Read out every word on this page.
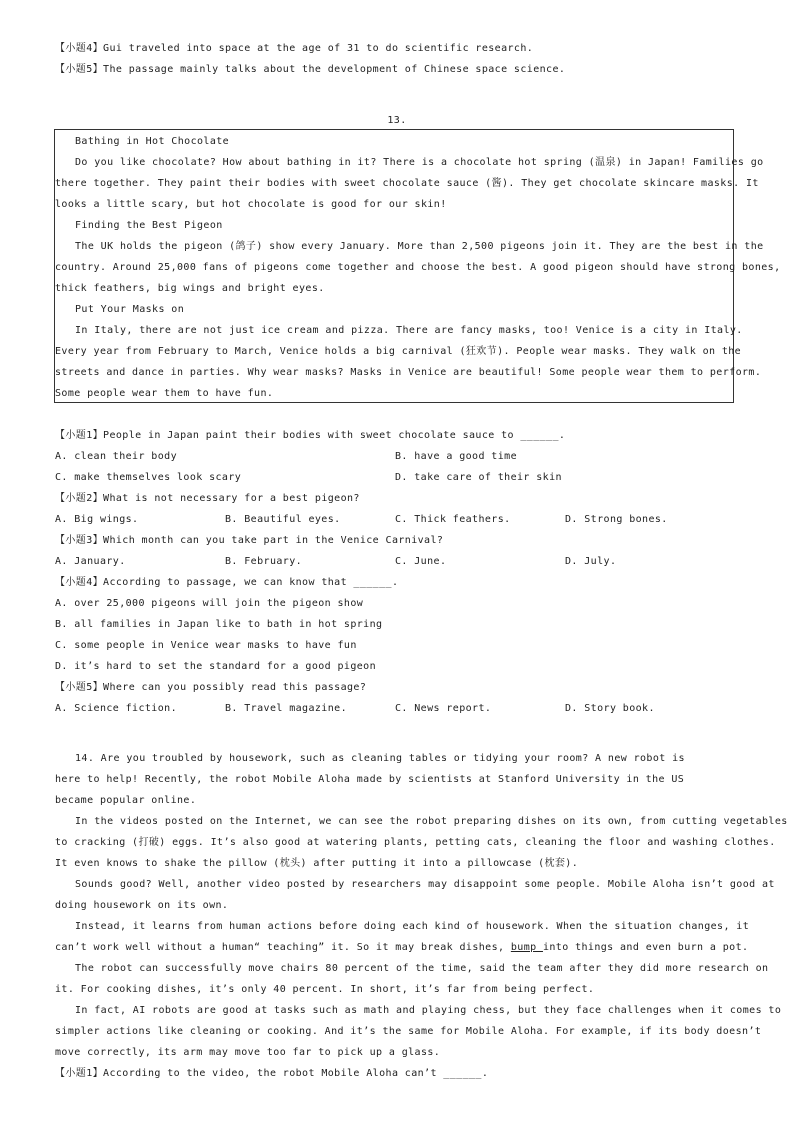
【小题4】Gui traveled into space at the age of 31 to do scientific research.
【小题5】The passage mainly talks about the development of Chinese space science.
13.
Bathing in Hot Chocolate
Do you like chocolate? How about bathing in it? There is a chocolate hot spring (温泉) in Japan! Families go
there together. They paint their bodies with sweet chocolate sauce (酱). They get chocolate skincare masks. It
looks a little scary, but hot chocolate is good for our skin!
Finding the Best Pigeon
The UK holds the pigeon (鸽子) show every January. More than 2,500 pigeons join it. They are the best in the
country. Around 25,000 fans of pigeons come together and choose the best. A good pigeon should have strong bones,
thick feathers, big wings and bright eyes.
Put Your Masks on
In Italy, there are not just ice cream and pizza. There are fancy masks, too! Venice is a city in Italy.
Every year from February to March, Venice holds a big carnival (狂欢节). People wear masks. They walk on the
streets and dance in parties. Why wear masks? Masks in Venice are beautiful! Some people wear them to perform.
Some people wear them to have fun.
【小题1】People in Japan paint their bodies with sweet chocolate sauce to ______.
A. clean their body	B. have a good time
C. make themselves look scary	D. take care of their skin
【小题2】What is not necessary for a best pigeon?
A. Big wings.	B. Beautiful eyes.	C. Thick feathers.	D. Strong bones.
【小题3】Which month can you take part in the Venice Carnival?
A. January.	B. February.	C. June.	D. July.
【小题4】According to passage, we can know that ______.
A. over 25,000 pigeons will join the pigeon show
B. all families in Japan like to bath in hot spring
C. some people in Venice wear masks to have fun
D. it’s hard to set the standard for a good pigeon
【小题5】Where can you possibly read this passage?
A. Science fiction.	B. Travel magazine.	C. News report.	D. Story book.
14. Are you troubled by housework, such as cleaning tables or tidying your room? A new robot is
here to help! Recently, the robot Mobile Aloha made by scientists at Stanford University in the US
became popular online.
In the videos posted on the Internet, we can see the robot preparing dishes on its own, from cutting vegetables
to cracking (打破) eggs. It’s also good at watering plants, petting cats, cleaning the floor and washing clothes.
It even knows to shake the pillow (枕头) after putting it into a pillowcase (枕套).
Sounds good? Well, another video posted by researchers may disappoint some people. Mobile Aloha isn’t good at
doing housework on its own.
Instead, it learns from human actions before doing each kind of housework. When the situation changes, it
can’t work well without a human“ teaching” it. So it may break dishes, bump into things and even burn a pot.
The robot can successfully move chairs 80 percent of the time, said the team after they did more research on
it. For cooking dishes, it’s only 40 percent. In short, it’s far from being perfect.
In fact, AI robots are good at tasks such as math and playing chess, but they face challenges when it comes to
simpler actions like cleaning or cooking. And it’s the same for Mobile Aloha. For example, if its body doesn’t
move correctly, its arm may move too far to pick up a glass.
【小题1】According to the video, the robot Mobile Aloha can’t ______.
